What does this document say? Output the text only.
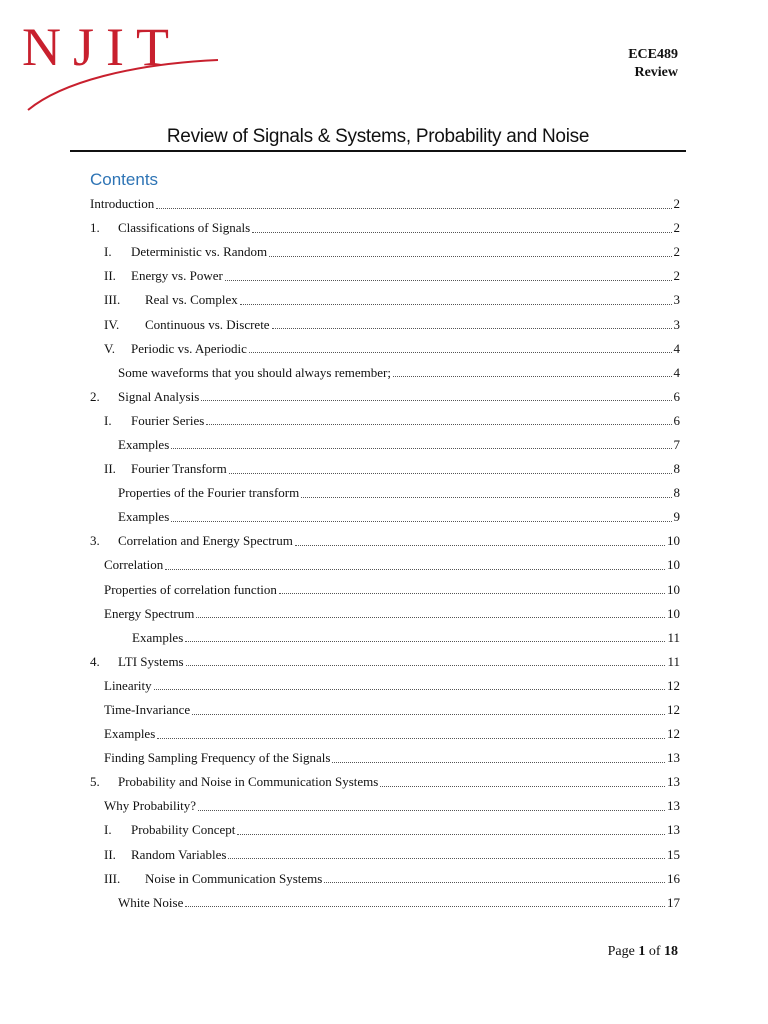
NJIT	ECE489
Review
Review of Signals & Systems, Probability and Noise
Contents
Introduction	2
1.	Classifications of Signals	2
I.	Deterministic vs. Random	2
II.	Energy vs. Power	2
III.	Real vs. Complex	3
IV.	Continuous vs. Discrete	3
V.	Periodic vs. Aperiodic	4
Some waveforms that you should always remember;	4
2.	Signal Analysis	6
I.	Fourier Series	6
Examples	7
II.	Fourier Transform	8
Properties of the Fourier transform	8
Examples	9
3.	Correlation and Energy Spectrum	10
Correlation	10
Properties of correlation function	10
Energy Spectrum	10
Examples	11
4.	LTI Systems	11
Linearity	12
Time-Invariance	12
Examples	12
Finding Sampling Frequency of the Signals	13
5.	Probability and Noise in Communication Systems	13
Why Probability?	13
I.	Probability Concept	13
II.	Random Variables	15
III.	Noise in Communication Systems	16
White Noise	17
Page 1 of 18
